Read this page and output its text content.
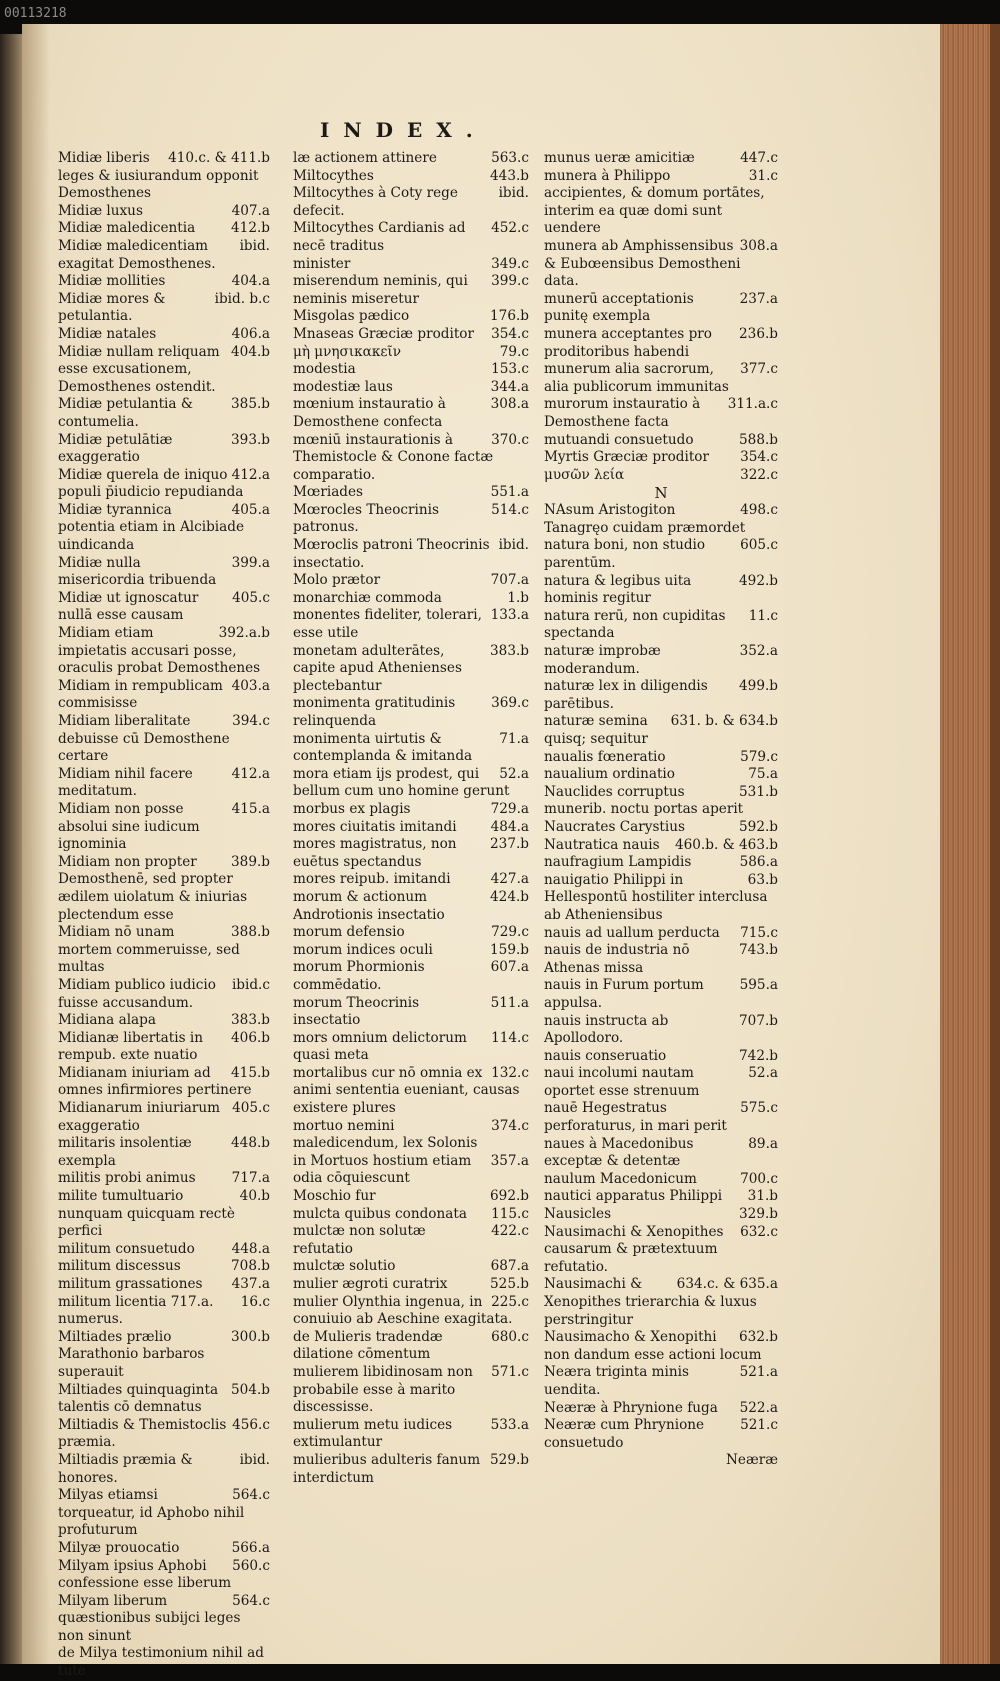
00113218
INDEX.
410.c. & 411.b
Midiæ liberis leges & iusiurandum opponit Demosthenes
407.a
Midiæ luxus
412.b
Midiæ maledicentia
ibid.
Midiæ maledicentiam exagitat Demosthenes.
404.a
Midiæ mollities
ibid. b.c
Midiæ mores & petulantia.
406.a
Midiæ natales
404.b
Midiæ nullam reliquam esse excusationem, Demosthenes ostendit.
385.b
Midiæ petulantia & contumelia.
393.b
Midiæ petulātiæ exaggeratio
412.a
Midiæ querela de iniquo populi p̄iudicio repudianda
405.a
Midiæ tyrannica potentia etiam in Alcibiade uindicanda
399.a
Midiæ nulla misericordia tribuenda
405.c
Midiæ ut ignoscatur nullā esse causam
392.a.b
Midiam etiam impietatis accusari posse, oraculis probat Demosthenes
403.a
Midiam in rempublicam commisisse
394.c
Midiam liberalitate debuisse cū Demosthene certare
412.a
Midiam nihil facere meditatum.
415.a
Midiam non posse absolui sine iudicum ignominia
389.b
Midiam non propter Demosthenē, sed propter ædilem uiolatum & iniurias plectendum esse
388.b
Midiam nō unam mortem commeruisse, sed multas
ibid.c
Midiam publico iudicio fuisse accusandum.
383.b
Midiana alapa
406.b
Midianæ libertatis in rempub. exte nuatio
415.b
Midianam iniuriam ad omnes infirmiores pertinere
405.c
Midianarum iniuriarum exaggeratio
448.b
militaris insolentiæ exempla
717.a
militis probi animus
40.b
milite tumultuario nunquam quicquam rectè perfici
448.a
militum consuetudo
708.b
militum discessus
437.a
militum grassationes
16.c
militum licentia 717.a. numerus.
300.b
Miltiades prælio Marathonio barbaros superauit
504.b
Miltiades quinquaginta talentis cō demnatus
456.c
Miltiadis & Themistoclis præmia.
ibid.
Miltiadis præmia & honores.
564.c
Milyas etiamsi torqueatur, id Aphobo nihil profuturum
566.a
Milyæ prouocatio
560.c
Milyam ipsius Aphobi confessione esse liberum
564.c
Milyam liberum quæstionibus subijci leges non sinunt
de Milya testimonium nihil ad tute
563.c
læ actionem attinere
443.b
Miltocythes
ibid.
Miltocythes à Coty rege defecit.
452.c
Miltocythes Cardianis ad necē traditus
349.c
minister
399.c
miserendum neminis, qui neminis miseretur
176.b
Misgolas pædico
354.c
Mnaseas Græciæ proditor
79.c
μὴ μνησικακεῖν
153.c
modestia
344.a
modestiæ laus
308.a
mœnium instauratio à Demosthene confecta
370.c
mœniū instaurationis à Themistocle & Conone factæ comparatio.
551.a
Mœriades
514.c
Mœrocles Theocrinis patronus.
ibid.
Mœroclis patroni Theocrinis insectatio.
707.a
Molo prætor
1.b
monarchiæ commoda
133.a
monentes fideliter, tolerari, esse utile
383.b
monetam adulterātes, capite apud Athenienses plectebantur
369.c
monimenta gratitudinis relinquenda
71.a
monimenta uirtutis & contemplanda & imitanda
52.a
mora etiam ijs prodest, qui bellum cum uno homine gerunt
729.a
morbus ex plagis
484.a
mores ciuitatis imitandi
237.b
mores magistratus, non euētus spectandus
427.a
mores reipub. imitandi
424.b
morum & actionum Androtionis insectatio
729.c
morum defensio
159.b
morum indices oculi
607.a
morum Phormionis commēdatio.
511.a
morum Theocrinis insectatio
114.c
mors omnium delictorum quasi meta
132.c
mortalibus cur nō omnia ex animi sententia eueniant, causas existere plures
374.c
mortuo nemini maledicendum, lex Solonis
357.a
in Mortuos hostium etiam odia cōquiescunt
692.b
Moschio fur
115.c
mulcta quibus condonata
422.c
mulctæ non solutæ refutatio
687.a
mulctæ solutio
525.b
mulier ægroti curatrix
225.c
mulier Olynthia ingenua, in conuiuio ab Aeschine exagitata.
680.c
de Mulieris tradendæ dilatione cōmentum
571.c
mulierem libidinosam non probabile esse à marito discessisse.
533.a
mulierum metu iudices extimulantur
529.b
mulieribus adulteris fanum interdictum
447.c
munus ueræ amicitiæ
31.c
munera à Philippo accipientes, & domum portātes, interim ea quæ domi sunt uendere
308.a
munera ab Amphissensibus & Eubœensibus Demostheni data.
237.a
munerū acceptationis punitę exempla
236.b
munera acceptantes pro proditoribus habendi
377.c
munerum alia sacrorum, alia publicorum immunitas
311.a.c
murorum instauratio à Demosthene facta
588.b
mutuandi consuetudo
354.c
Myrtis Græciæ proditor
322.c
μυσῶν λεία
N
498.c
NAsum Aristogiton Tanagręo cuidam præmordet
605.c
natura boni, non studio parentūm.
492.b
natura & legibus uita hominis regitur
11.c
natura rerū, non cupiditas spectanda
352.a
naturæ improbæ moderandum.
499.b
naturæ lex in diligendis parētibus.
631. b. & 634.b
naturæ semina quisq; sequitur
579.c
naualis fœneratio
75.a
naualium ordinatio
531.b
Nauclides corruptus munerib. noctu portas aperit
592.b
Naucrates Carystius
460.b. & 463.b
Nautratica nauis
586.a
naufragium Lampidis
63.b
nauigatio Philippi in Hellespontū hostiliter interclusa ab Atheniensibus
715.c
nauis ad uallum perducta
743.b
nauis de industria nō Athenas missa
595.a
nauis in Furum portum appulsa.
707.b
nauis instructa ab Apollodoro.
742.b
nauis conseruatio
52.a
naui incolumi nautam oportet esse strenuum
575.c
nauē Hegestratus perforaturus, in mari perit
89.a
naues à Macedonibus exceptæ & detentæ
700.c
naulum Macedonicum
31.b
nautici apparatus Philippi
329.b
Nausicles
632.c
Nausimachi & Xenopithes causarum & prætextuum refutatio.
634.c. & 635.a
Nausimachi & Xenopithes trierarchia & luxus perstringitur
632.b
Nausimacho & Xenopithi non dandum esse actioni locum
521.a
Neæra triginta minis uendita.
522.a
Neæræ à Phrynione fuga
521.c
Neæræ cum Phrynione consuetudo
Neæræ
